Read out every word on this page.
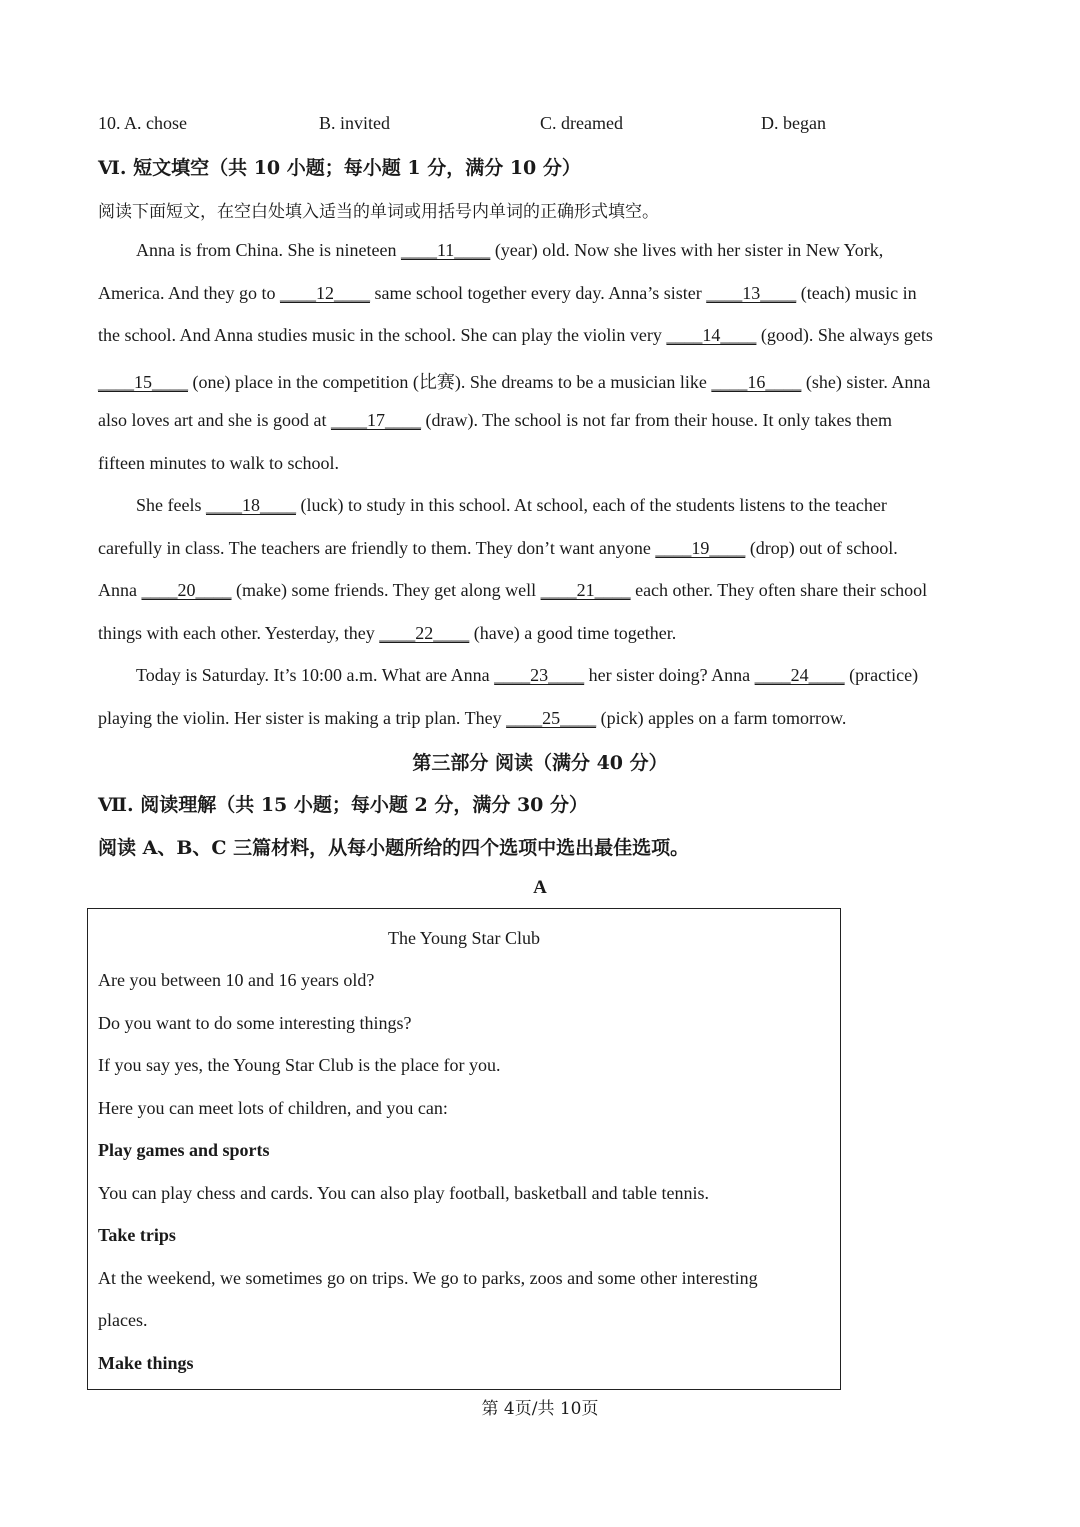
10. A. chose	B. invited	C. dreamed	D. began
Ⅵ. 短文填空（共 10 小题；每小题 1 分，满分 10 分）
阅读下面短文，在空白处填入适当的单词或用括号内单词的正确形式填空。
Anna is from China. She is nineteen ____11____ (year) old. Now she lives with her sister in New York,
America. And they go to ____12____ same school together every day. Anna’s sister ____13____ (teach) music in
the school. And Anna studies music in the school. She can play the violin very ____14____ (good). She always gets
____15____ (one) place in the competition (比赛). She dreams to be a musician like ____16____ (she) sister. Anna
also loves art and she is good at ____17____ (draw). The school is not far from their house. It only takes them
fifteen minutes to walk to school.
She feels ____18____ (luck) to study in this school. At school, each of the students listens to the teacher
carefully in class. The teachers are friendly to them. They don’t want anyone ____19____ (drop) out of school.
Anna ____20____ (make) some friends. They get along well ____21____ each other. They often share their school
things with each other. Yesterday, they ____22____ (have) a good time together.
Today is Saturday. It’s 10:00 a.m. What are Anna ____23____ her sister doing? Anna ____24____ (practice)
playing the violin. Her sister is making a trip plan. They ____25____ (pick) apples on a farm tomorrow.
第三部分 阅读（满分 40 分）
Ⅶ. 阅读理解（共 15 小题；每小题 2 分，满分 30 分）
阅读 A、B、C 三篇材料，从每小题所给的四个选项中选出最佳选项。
A
The Young Star Club
Are you between 10 and 16 years old?
Do you want to do some interesting things?
If you say yes, the Young Star Club is the place for you.
Here you can meet lots of children, and you can:
Play games and sports
You can play chess and cards. You can also play football, basketball and table tennis.
Take trips
At the weekend, we sometimes go on trips. We go to parks, zoos and some other interesting
places.
Make things
第 4页/共 10页
